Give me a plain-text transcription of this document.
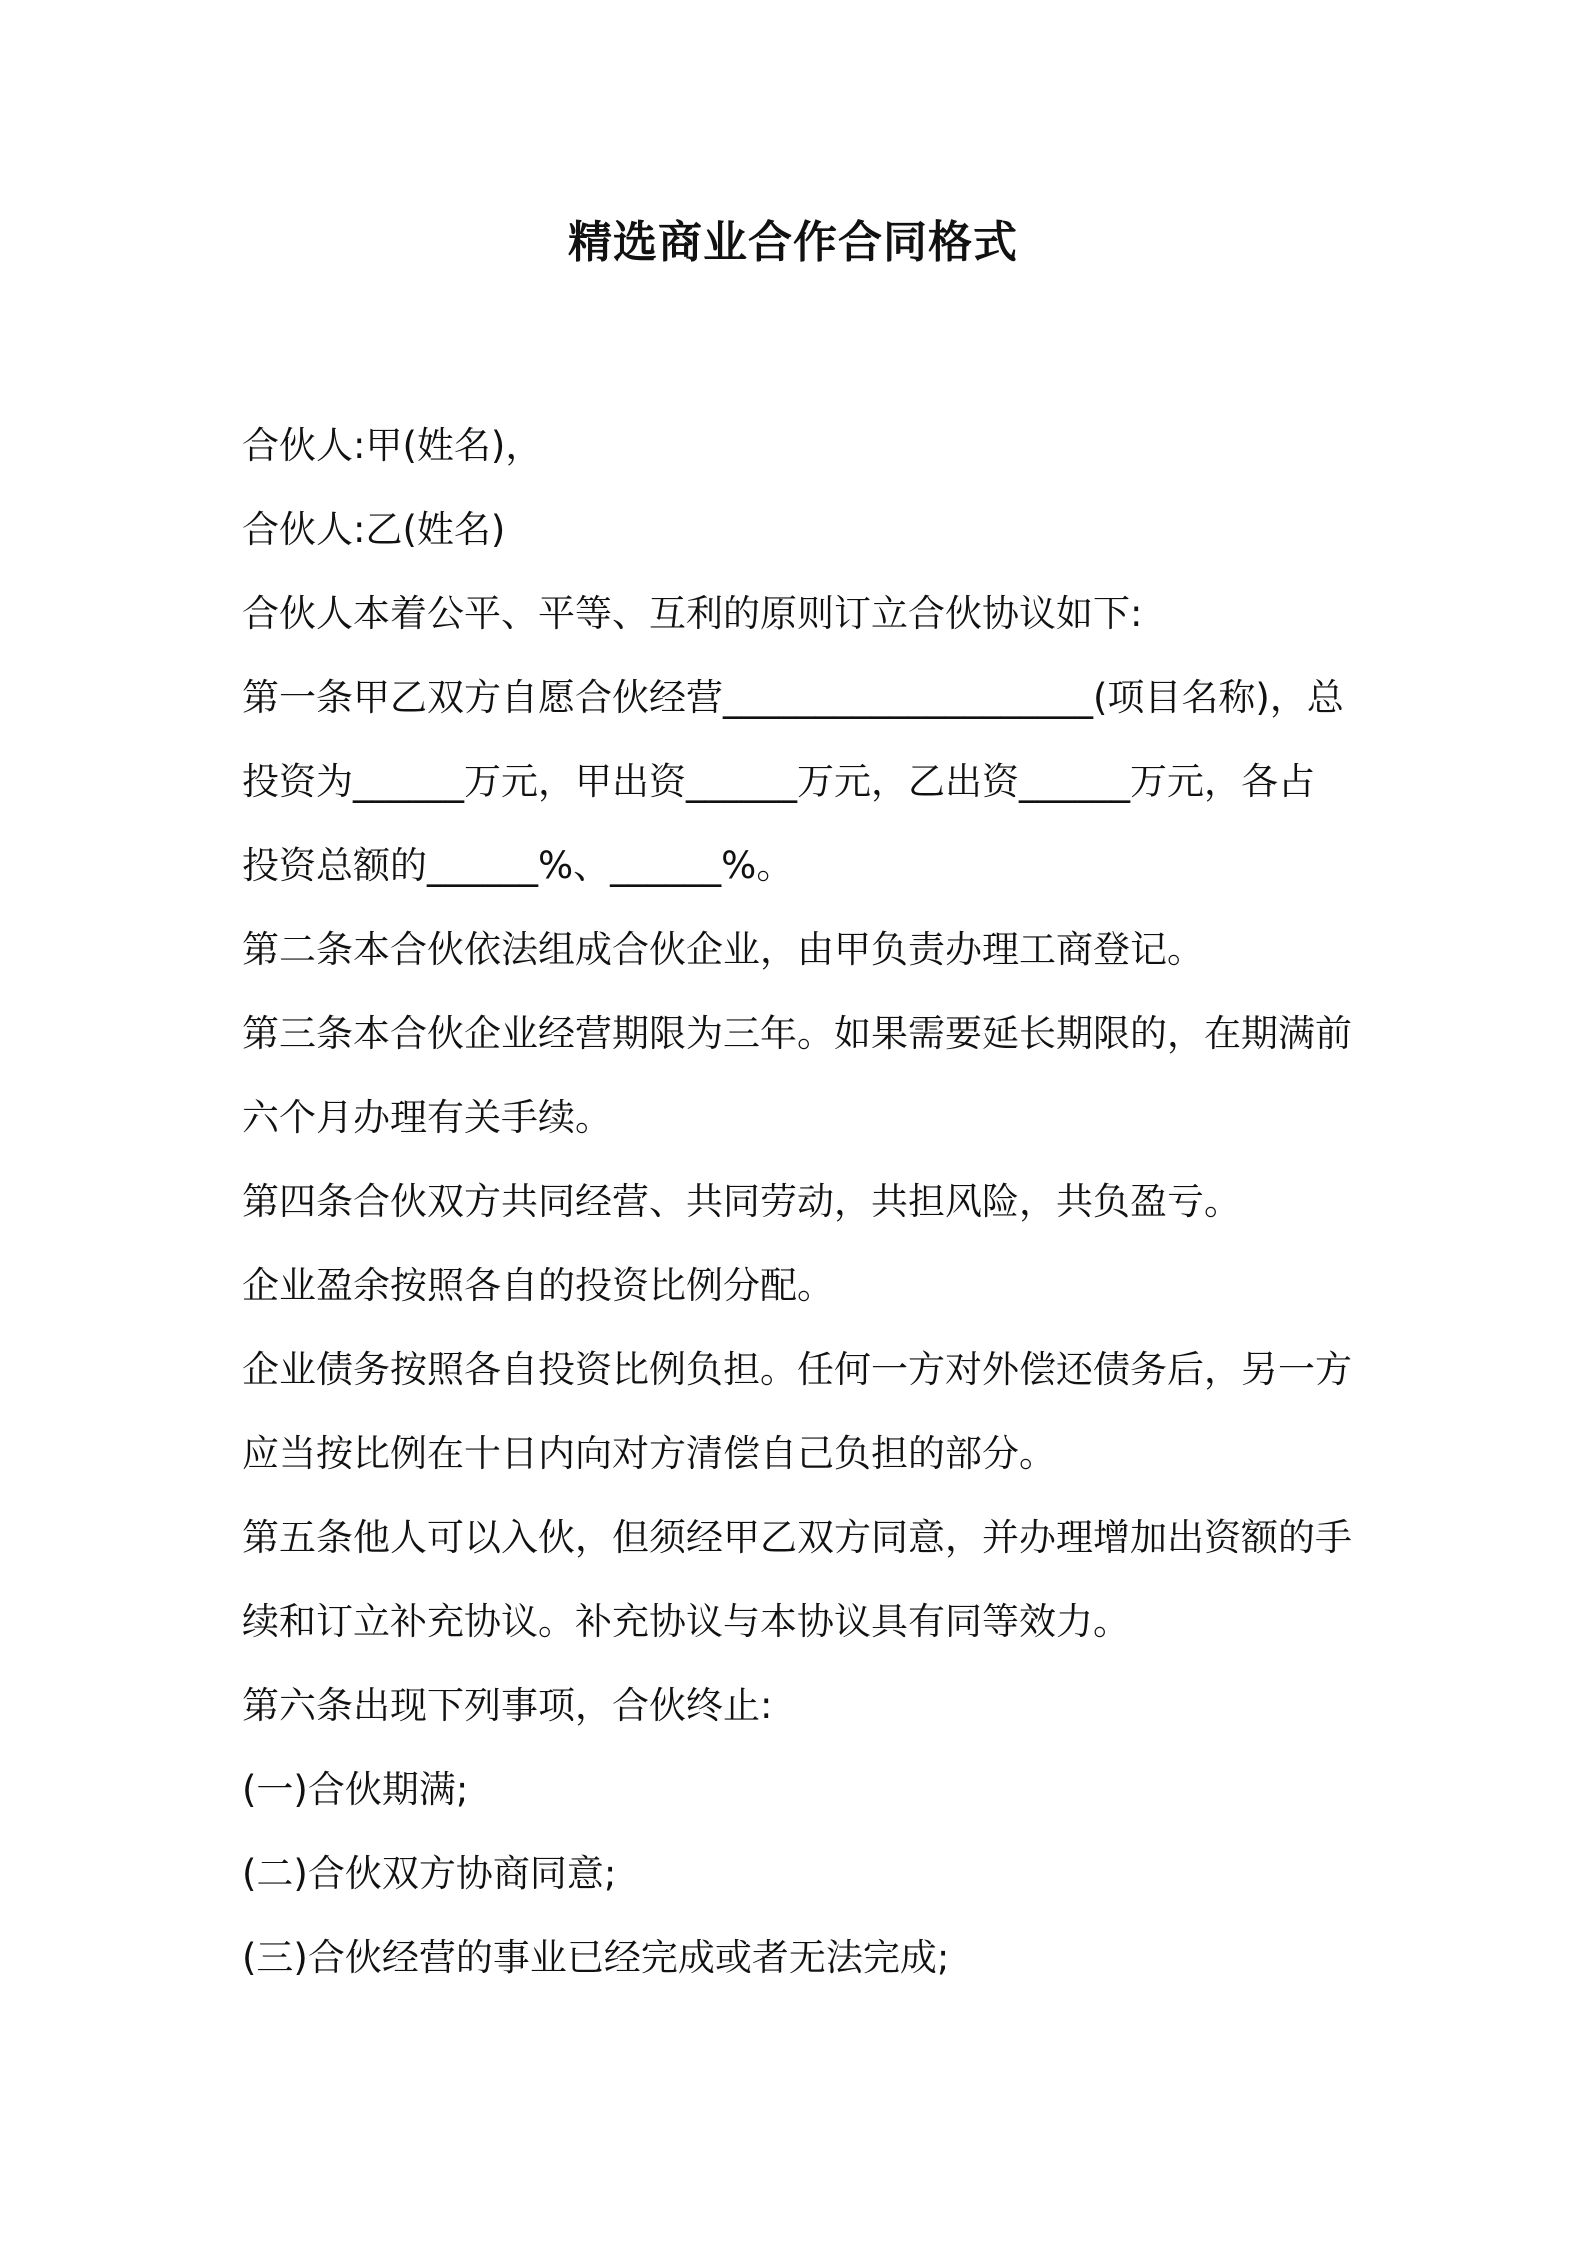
精选商业合作合同格式
合伙人:甲(姓名)，
合伙人:乙(姓名)
合伙人本着公平、平等、互利的原则订立合伙协议如下:
第一条甲乙双方自愿合伙经营____________________(项目名称)，总
投资为______万元，甲出资______万元，乙出资______万元，各占
投资总额的______%、______%。
第二条本合伙依法组成合伙企业，由甲负责办理工商登记。
第三条本合伙企业经营期限为三年。如果需要延长期限的，在期满前
六个月办理有关手续。
第四条合伙双方共同经营、共同劳动，共担风险，共负盈亏。
企业盈余按照各自的投资比例分配。
企业债务按照各自投资比例负担。任何一方对外偿还债务后，另一方
应当按比例在十日内向对方清偿自己负担的部分。
第五条他人可以入伙，但须经甲乙双方同意，并办理增加出资额的手
续和订立补充协议。补充协议与本协议具有同等效力。
第六条出现下列事项，合伙终止:
(一)合伙期满;
(二)合伙双方协商同意;
(三)合伙经营的事业已经完成或者无法完成;
